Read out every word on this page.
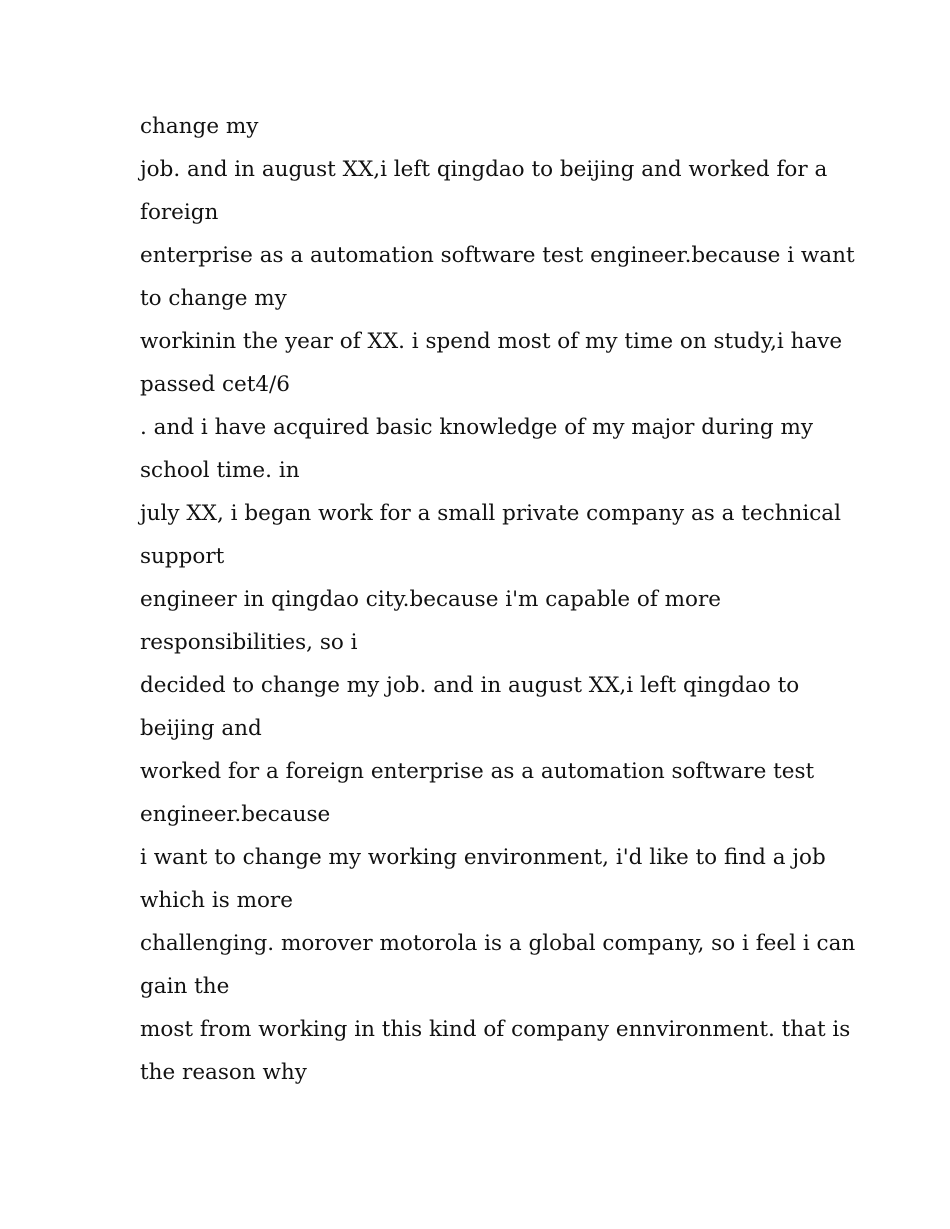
change my
job. and in august XX,i left qingdao to beijing and worked for a
foreign
enterprise as a automation software test engineer.because i want
to change my
workinin the year of XX. i spend most of my time on study,i have
passed cet4/6
. and i have acquired basic knowledge of my major during my
school time. in
july XX, i began work for a small private company as a technical
support
engineer in qingdao city.because i'm capable of more
responsibilities, so i
decided to change my job. and in august XX,i left qingdao to
beijing and
worked for a foreign enterprise as a automation software test
engineer.because
i want to change my working environment, i'd like to find a job
which is more
challenging. morover motorola is a global company, so i feel i can
gain the
most from working in this kind of company ennvironment. that is
the reason why
